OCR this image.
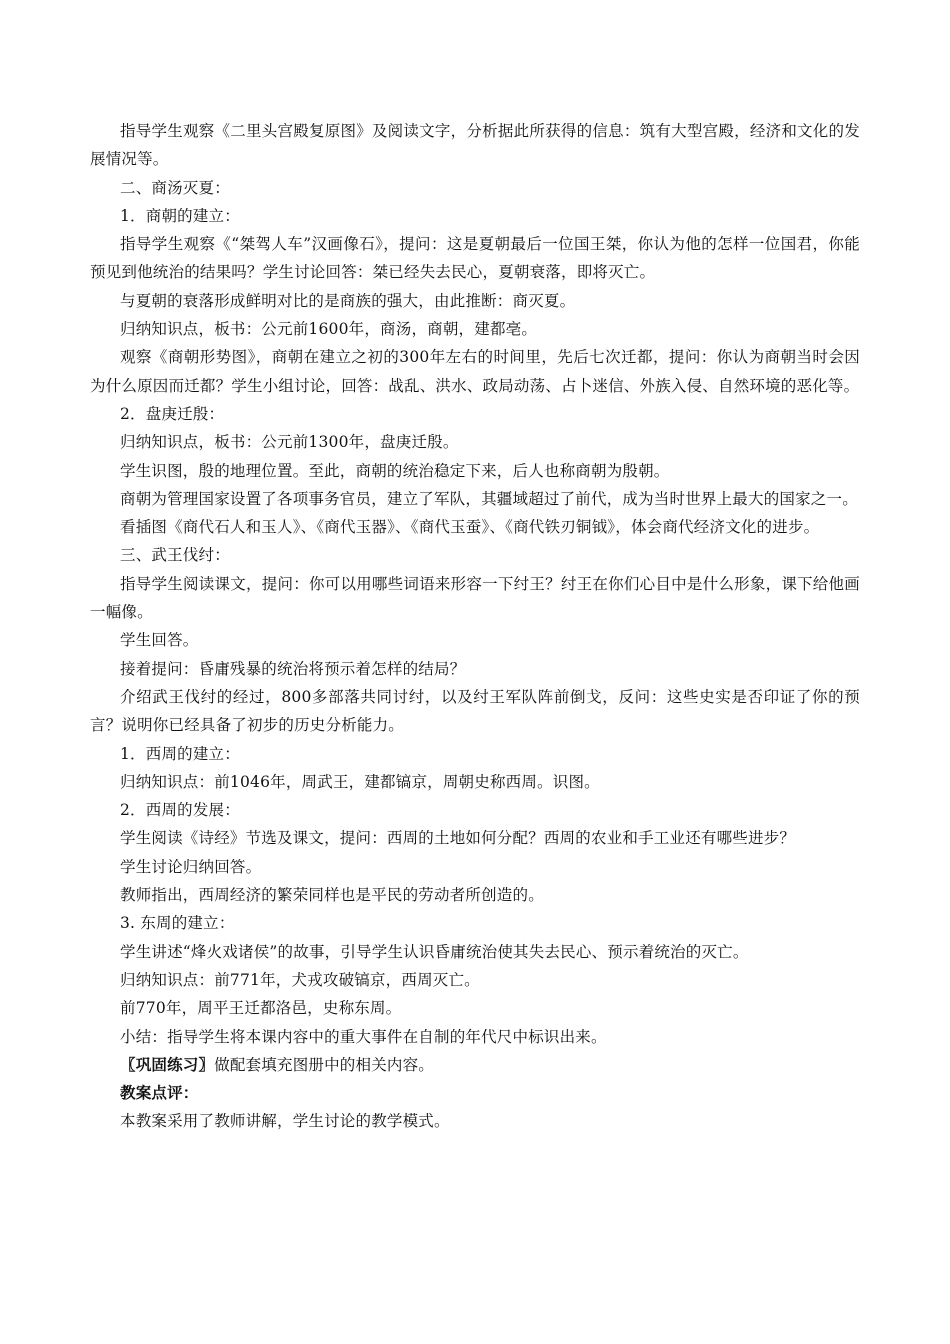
指导学生观察《二里头宫殿复原图》及阅读文字，分析据此所获得的信息：筑有大型宫殿，经济和文化的发展情况等。

二、商汤灭夏：

1．商朝的建立：

指导学生观察《“桀驾人车”汉画像石》，提问：这是夏朝最后一位国王桀，你认为他的怎样一位国君，你能预见到他统治的结果吗？学生讨论回答：桀已经失去民心，夏朝衰落，即将灭亡。

与夏朝的衰落形成鲜明对比的是商族的强大，由此推断：商灭夏。

归纳知识点，板书：公元前1600年，商汤，商朝，建都亳。

观察《商朝形势图》，商朝在建立之初的300年左右的时间里，先后七次迁都，提问：你认为商朝当时会因为什么原因而迁都？学生小组讨论，回答：战乱、洪水、政局动荡、占卜迷信、外族入侵、自然环境的恶化等。

2．盘庚迁殷：

归纳知识点，板书：公元前1300年，盘庚迁殷。

学生识图，殷的地理位置。至此，商朝的统治稳定下来，后人也称商朝为殷朝。

商朝为管理国家设置了各项事务官员，建立了军队，其疆域超过了前代，成为当时世界上最大的国家之一。

看插图《商代石人和玉人》、《商代玉器》、《商代玉蚕》、《商代铁刃铜钺》，体会商代经济文化的进步。

三、武王伐纣：

指导学生阅读课文，提问：你可以用哪些词语来形容一下纣王？纣王在你们心目中是什么形象，课下给他画一幅像。

学生回答。

接着提问：昏庸残暴的统治将预示着怎样的结局？

介绍武王伐纣的经过，800多部落共同讨纣，以及纣王军队阵前倒戈，反问：这些史实是否印证了你的预言？说明你已经具备了初步的历史分析能力。

1．西周的建立：

归纳知识点：前1046年，周武王，建都镐京，周朝史称西周。识图。

2．西周的发展：

学生阅读《诗经》节选及课文，提问：西周的土地如何分配？西周的农业和手工业还有哪些进步？

学生讨论归纳回答。

教师指出，西周经济的繁荣同样也是平民的劳动者所创造的。

3. 东周的建立：

学生讲述“烽火戏诸侯”的故事，引导学生认识昏庸统治使其失去民心、预示着统治的灭亡。

归纳知识点：前771年，犬戎攻破镐京，西周灭亡。

前770年，周平王迁都洛邑，史称东周。

小结：指导学生将本课内容中的重大事件在自制的年代尺中标识出来。

〖巩固练习〗做配套填充图册中的相关内容。

教案点评：

本教案采用了教师讲解，学生讨论的教学模式。
